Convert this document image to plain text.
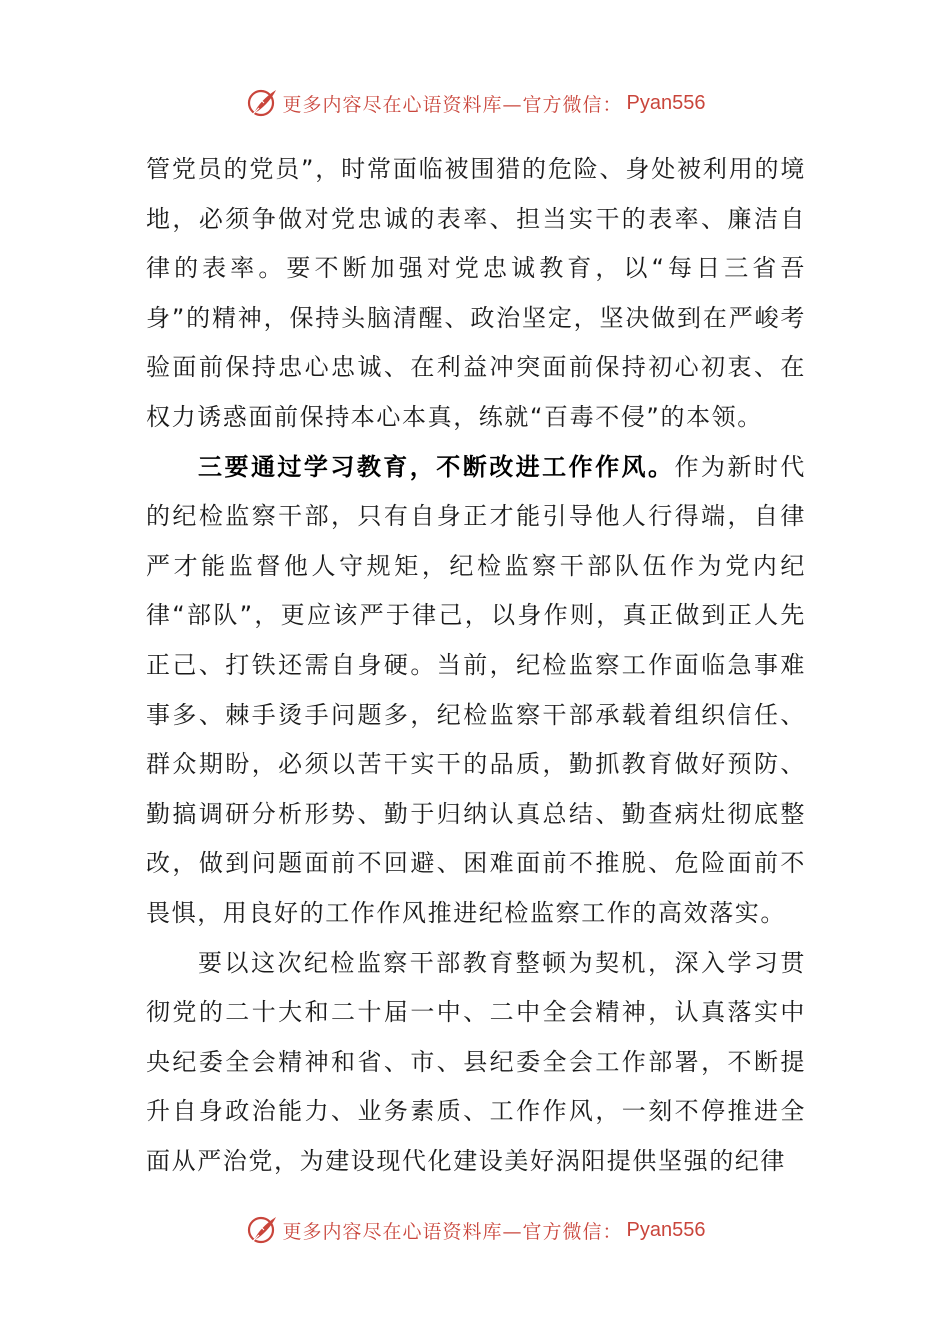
更多内容尽在心语资料库—官方微信： Pyan556

管党员的党员”，时常面临被围猎的危险、身处被利用的境地，必须争做对党忠诚的表率、担当实干的表率、廉洁自律的表率。要不断加强对党忠诚教育，以“每日三省吾身”的精神，保持头脑清醒、政治坚定，坚决做到在严峻考验面前保持忠心忠诚、在利益冲突面前保持初心初衷、在权力诱惑面前保持本心本真，练就“百毒不侵”的本领。

三要通过学习教育，不断改进工作作风。作为新时代的纪检监察干部，只有自身正才能引导他人行得端，自律严才能监督他人守规矩，纪检监察干部队伍作为党内纪律“部队”，更应该严于律己，以身作则，真正做到正人先正己、打铁还需自身硬。当前，纪检监察工作面临急事难事多、棘手烫手问题多，纪检监察干部承载着组织信任、群众期盼，必须以苦干实干的品质，勤抓教育做好预防、勤搞调研分析形势、勤于归纳认真总结、勤查病灶彻底整改，做到问题面前不回避、困难面前不推脱、危险面前不畏惧，用良好的工作作风推进纪检监察工作的高效落实。

要以这次纪检监察干部教育整顿为契机，深入学习贯彻党的二十大和二十届一中、二中全会精神，认真落实中央纪委全会精神和省、市、县纪委全会工作部署，不断提升自身政治能力、业务素质、工作作风，一刻不停推进全面从严治党，为建设现代化建设美好涡阳提供坚强的纪律

更多内容尽在心语资料库—官方微信： Pyan556
